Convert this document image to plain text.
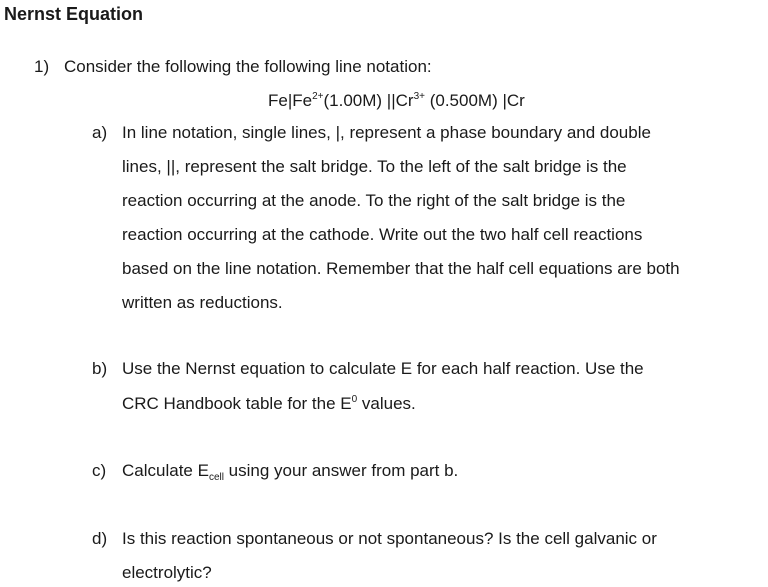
Nernst Equation
1) Consider the following the following line notation:
$Fe|Fe^{2+}(1.00M)$ $||Cr^{3+}$ (0.500M) |Cr
a) In line notation, single lines, |, represent a phase boundary and double
lines, ||, represent the salt bridge. To the left of the salt bridge is the
reaction occurring at the anode. To the right of the salt bridge is the
reaction occurring at the cathode. Write out the two half cell reactions
based on the line notation. Remember that the half cell equations are both
written as reductions.
b) Use the Nernst equation to calculate E for each half reaction. Use the
CRC Handbook table for the $E^0$ values.
c) Calculate $E_{cell}$ using your answer from part b.
d) Is this reaction spontaneous or not spontaneous? Is the cell galvanic or
electrolytic?
